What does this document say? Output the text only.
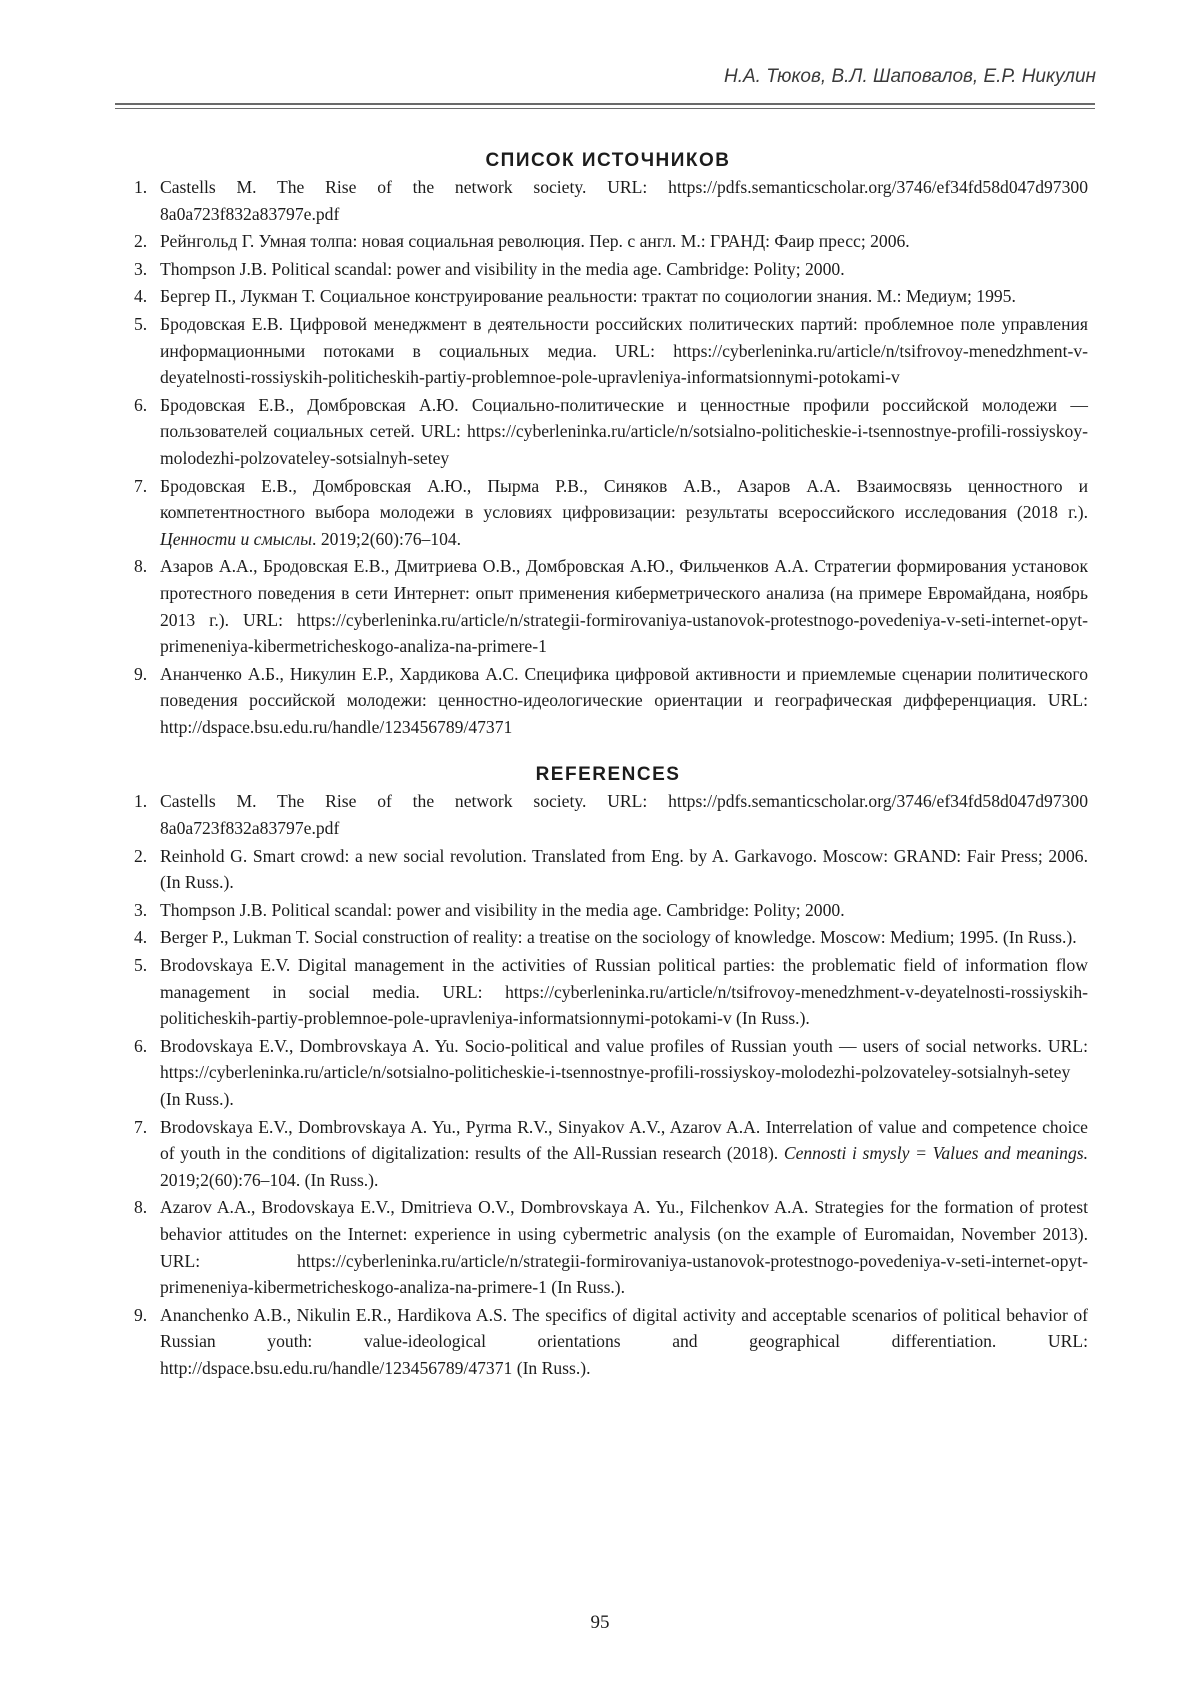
Н.А. Тюков, В.Л. Шаповалов, Е.Р. Никулин
СПИСОК ИСТОЧНИКОВ
1. Castells M. The Rise of the network society. URL: https://pdfs.semanticscholar.org/3746/ef34fd58d047d97300 8a0a723f832a83797e.pdf
2. Рейнгольд Г. Умная толпа: новая социальная революция. Пер. с англ. М.: ГРАНД: Фаир пресс; 2006.
3. Thompson J.B. Political scandal: power and visibility in the media age. Cambridge: Polity; 2000.
4. Бергер П., Лукман Т. Социальное конструирование реальности: трактат по социологии знания. М.: Медиум; 1995.
5. Бродовская Е.В. Цифровой менеджмент в деятельности российских политических партий: проблемное поле управления информационными потоками в социальных медиа. URL: https://cyberleninka.ru/article/n/tsifrovoy-menedzhment-v-deyatelnosti-rossiyskih-politicheskih-partiy-problemnoe-pole-upravleniya-informatsionnymi-potokami-v
6. Бродовская Е.В., Домбровская А.Ю. Социально-политические и ценностные профили российской молодежи — пользователей социальных сетей. URL: https://cyberleninka.ru/article/n/sotsialno-politicheskie-i-tsennostnye-profili-rossiyskoy-molodezhi-polzovateley-sotsialnyh-setey
7. Бродовская Е.В., Домбровская А.Ю., Пырма Р.В., Синяков А.В., Азаров А.А. Взаимосвязь ценностного и компетентностного выбора молодежи в условиях цифровизации: результаты всероссийского исследования (2018 г.). Ценности и смыслы. 2019;2(60):76–104.
8. Азаров А.А., Бродовская Е.В., Дмитриева О.В., Домбровская А.Ю., Фильченков А.А. Стратегии формирования установок протестного поведения в сети Интернет: опыт применения киберметрического анализа (на примере Евромайдана, ноябрь 2013 г.). URL: https://cyberleninka.ru/article/n/strategii-formirovaniya-ustanovok-protestnogo-povedeniya-v-seti-internet-opyt-primeneniya-kibermetricheskogo-analiza-na-primere-1
9. Ананченко А.Б., Никулин Е.Р., Хардикова А.С. Специфика цифровой активности и приемлемые сценарии политического поведения российской молодежи: ценностно-идеологические ориентации и географическая дифференциация. URL: http://dspace.bsu.edu.ru/handle/123456789/47371
REFERENCES
1. Castells M. The Rise of the network society. URL: https://pdfs.semanticscholar.org/3746/ef34fd58d047d97300 8a0a723f832a83797e.pdf
2. Reinhold G. Smart crowd: a new social revolution. Translated from Eng. by A. Garkavogo. Moscow: GRAND: Fair Press; 2006. (In Russ.).
3. Thompson J.B. Political scandal: power and visibility in the media age. Cambridge: Polity; 2000.
4. Berger P., Lukman T. Social construction of reality: a treatise on the sociology of knowledge. Moscow: Medium; 1995. (In Russ.).
5. Brodovskaya E.V. Digital management in the activities of Russian political parties: the problematic field of information flow management in social media. URL: https://cyberleninka.ru/article/n/tsifrovoy-menedzhment-v-deyatelnosti-rossiyskih-politicheskih-partiy-problemnoe-pole-upravleniya-informatsionnymi-potokami-v (In Russ.).
6. Brodovskaya E.V., Dombrovskaya A. Yu. Socio-political and value profiles of Russian youth — users of social networks. URL: https://cyberleninka.ru/article/n/sotsialno-politicheskie-i-tsennostnye-profili-rossiyskoy-molodezhi-polzovateley-sotsialnyh-setey (In Russ.).
7. Brodovskaya E.V., Dombrovskaya A. Yu., Pyrma R.V., Sinyakov A.V., Azarov A.A. Interrelation of value and competence choice of youth in the conditions of digitalization: results of the All-Russian research (2018). Cennosti i smysly = Values and meanings. 2019;2(60):76–104. (In Russ.).
8. Azarov A.A., Brodovskaya E.V., Dmitrieva O.V., Dombrovskaya A. Yu., Filchenkov A.A. Strategies for the formation of protest behavior attitudes on the Internet: experience in using cybermetric analysis (on the example of Euromaidan, November 2013). URL: https://cyberleninka.ru/article/n/strategii-formirovaniya-ustanovok-protestnogo-povedeniya-v-seti-internet-opyt-primeneniya-kibermetricheskogo-analiza-na-primere-1 (In Russ.).
9. Ananchenko A.B., Nikulin E.R., Hardikova A.S. The specifics of digital activity and acceptable scenarios of political behavior of Russian youth: value-ideological orientations and geographical differentiation. URL: http://dspace.bsu.edu.ru/handle/123456789/47371 (In Russ.).
95
